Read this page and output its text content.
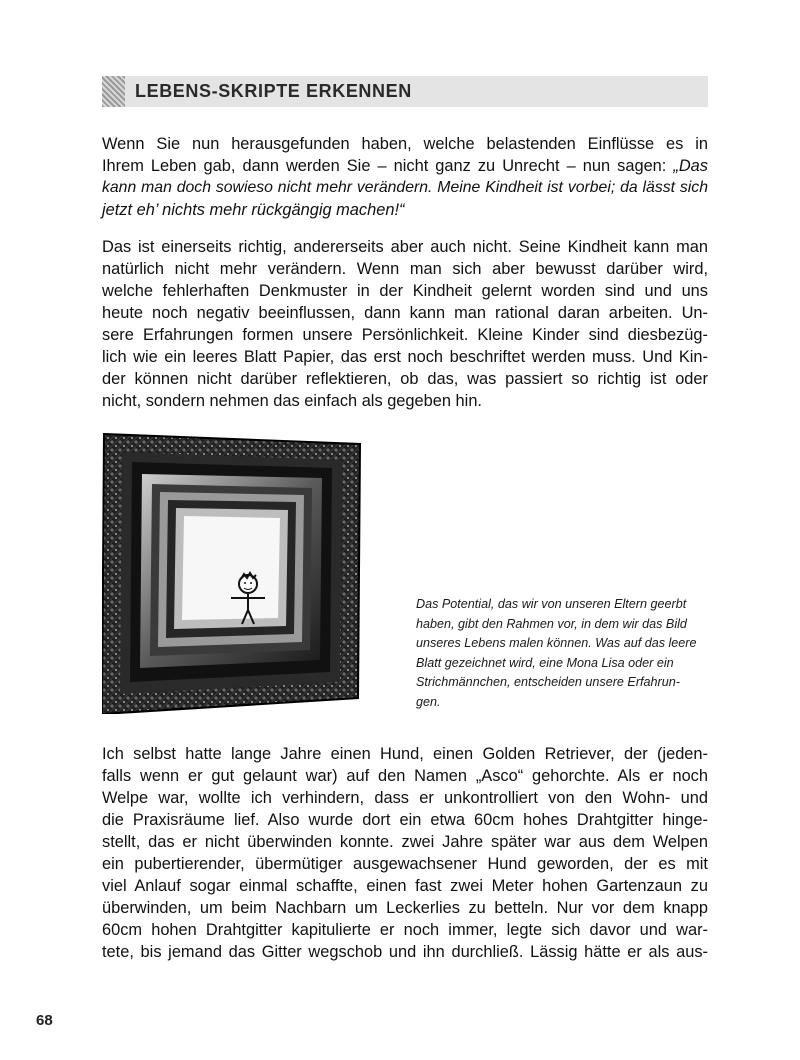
LEBENS-SKRIPTE ERKENNEN

Wenn Sie nun herausgefunden haben, welche belastenden Einflüsse es in
Ihrem Leben gab, dann werden Sie – nicht ganz zu Unrecht – nun sagen: „Das
kann man doch sowieso nicht mehr verändern. Meine Kindheit ist vorbei; da lässt sich
jetzt eh’ nichts mehr rückgängig machen!“

Das ist einerseits richtig, andererseits aber auch nicht. Seine Kindheit kann man
natürlich nicht mehr verändern. Wenn man sich aber bewusst darüber wird,
welche fehlerhaften Denkmuster in der Kindheit gelernt worden sind und uns
heute noch negativ beeinflussen, dann kann man rational daran arbeiten. Un-
sere Erfahrungen formen unsere Persönlichkeit. Kleine Kinder sind diesbezüg-
lich wie ein leeres Blatt Papier, das erst noch beschriftet werden muss. Und Kin-
der können nicht darüber reflektieren, ob das, was passiert so richtig ist oder
nicht, sondern nehmen das einfach als gegeben hin.

Das Potential, das wir von unseren Eltern geerbt
haben, gibt den Rahmen vor, in dem wir das Bild
unseres Lebens malen können. Was auf das leere
Blatt gezeichnet wird, eine Mona Lisa oder ein
Strichmännchen, entscheiden unsere Erfahrun-
gen.

Ich selbst hatte lange Jahre einen Hund, einen Golden Retriever, der (jeden-
falls wenn er gut gelaunt war) auf den Namen „Asco“ gehorchte. Als er noch
Welpe war, wollte ich verhindern, dass er unkontrolliert von den Wohn- und
die Praxisräume lief. Also wurde dort ein etwa 60cm hohes Drahtgitter hinge-
stellt, das er nicht überwinden konnte. zwei Jahre später war aus dem Welpen
ein pubertierender, übermütiger ausgewachsener Hund geworden, der es mit
viel Anlauf sogar einmal schaffte, einen fast zwei Meter hohen Gartenzaun zu
überwinden, um beim Nachbarn um Leckerlies zu betteln. Nur vor dem knapp
60cm hohen Drahtgitter kapitulierte er noch immer, legte sich davor und war-
tete, bis jemand das Gitter wegschob und ihn durchließ. Lässig hätte er als aus-

68
